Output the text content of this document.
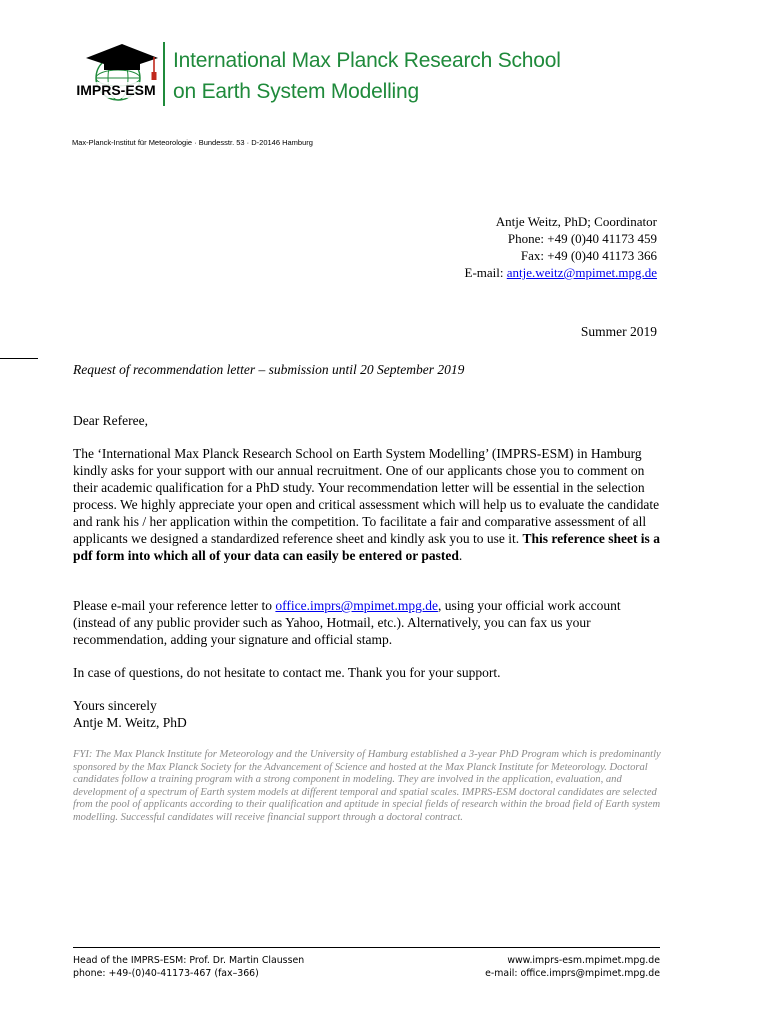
IMPRS-ESM
International Max Planck Research School
on Earth System Modelling
Max-Planck-Institut für Meteorologie · Bundesstr. 53 · D-20146 Hamburg
Antje Weitz, PhD; Coordinator
Phone: +49 (0)40 41173 459
Fax: +49 (0)40 41173 366
E-mail: antje.weitz@mpimet.mpg.de
Summer 2019
Request of recommendation letter – submission until 20 September 2019
Dear Referee,
The ‘International Max Planck Research School on Earth System Modelling’ (IMPRS-ESM) in Hamburg kindly asks for your support with our annual recruitment. One of our applicants chose you to comment on their academic qualification for a PhD study. Your recommendation letter will be essential in the selection process. We highly appreciate your open and critical assessment which will help us to evaluate the candidate and rank his / her application within the competition. To facilitate a fair and comparative assessment of all applicants we designed a standardized reference sheet and kindly ask you to use it. This reference sheet is a pdf form into which all of your data can easily be entered or pasted.
Please e-mail your reference letter to office.imprs@mpimet.mpg.de, using your official work account (instead of any public provider such as Yahoo, Hotmail, etc.). Alternatively, you can fax us your recommendation, adding your signature and official stamp.
In case of questions, do not hesitate to contact me. Thank you for your support.
Yours sincerely
Antje M. Weitz, PhD
FYI: The Max Planck Institute for Meteorology and the University of Hamburg established a 3-year PhD Program which is predominantly sponsored by the Max Planck Society for the Advancement of Science and hosted at the Max Planck Institute for Meteorology. Doctoral candidates follow a training program with a strong component in modeling. They are involved in the application, evaluation, and development of a spectrum of Earth system models at different temporal and spatial scales. IMPRS-ESM doctoral candidates are selected from the pool of applicants according to their qualification and aptitude in special fields of research within the broad field of Earth system modelling. Successful candidates will receive financial support through a doctoral contract.
Head of the IMPRS-ESM: Prof. Dr. Martin Claussen
phone: +49-(0)40-41173-467 (fax–366)
www.imprs-esm.mpimet.mpg.de
e-mail: office.imprs@mpimet.mpg.de
